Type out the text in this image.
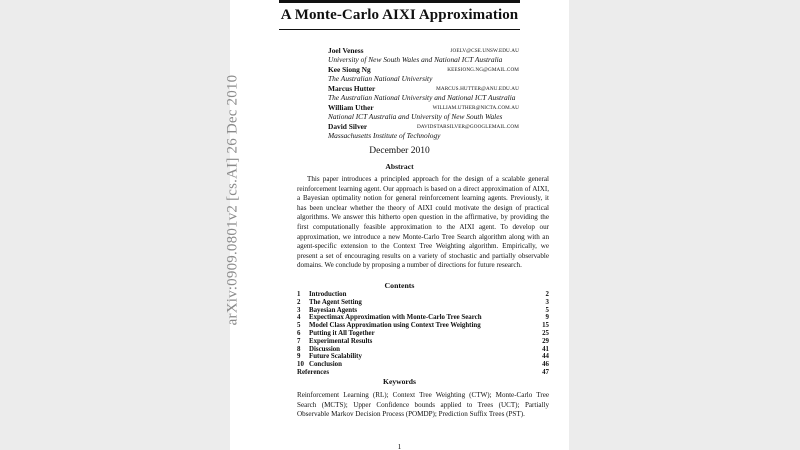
A Monte-Carlo AIXI Approximation
Joel Veness	JOELV@CSE.UNSW.EDU.AU
University of New South Wales and National ICT Australia
Kee Siong Ng	KEESIONG.NG@GMAIL.COM
The Australian National University
Marcus Hutter	MARCUS.HUTTER@ANU.EDU.AU
The Australian National University and National ICT Australia
William Uther	WILLIAM.UTHER@NICTA.COM.AU
National ICT Australia and University of New South Wales
David Silver	DAVIDSTARSILVER@GOOGLEMAIL.COM
Massachusetts Institute of Technology
December 2010
Abstract
This paper introduces a principled approach for the design of a scalable general reinforcement learning agent. Our approach is based on a direct approximation of AIXI, a Bayesian optimality notion for general reinforcement learning agents. Previously, it has been unclear whether the theory of AIXI could motivate the design of practical algorithms. We answer this hitherto open question in the affirmative, by providing the first computationally feasible approximation to the AIXI agent. To develop our approximation, we introduce a new Monte-Carlo Tree Search algorithm along with an agent-specific extension to the Context Tree Weighting algorithm. Empirically, we present a set of encouraging results on a variety of stochastic and partially observable domains. We conclude by proposing a number of directions for future research.
Contents
1	Introduction	2
2	The Agent Setting	3
3	Bayesian Agents	5
4	Expectimax Approximation with Monte-Carlo Tree Search	9
5	Model Class Approximation using Context Tree Weighting	15
6	Putting it All Together	25
7	Experimental Results	29
8	Discussion	41
9	Future Scalability	44
10 Conclusion	46
References	47
Keywords
Reinforcement Learning (RL); Context Tree Weighting (CTW); Monte-Carlo Tree Search (MCTS); Upper Confidence bounds applied to Trees (UCT); Partially Observable Markov Decision Process (POMDP); Prediction Suffix Trees (PST).
1
arXiv:0909.0801v2 [cs.AI] 26 Dec 2010
